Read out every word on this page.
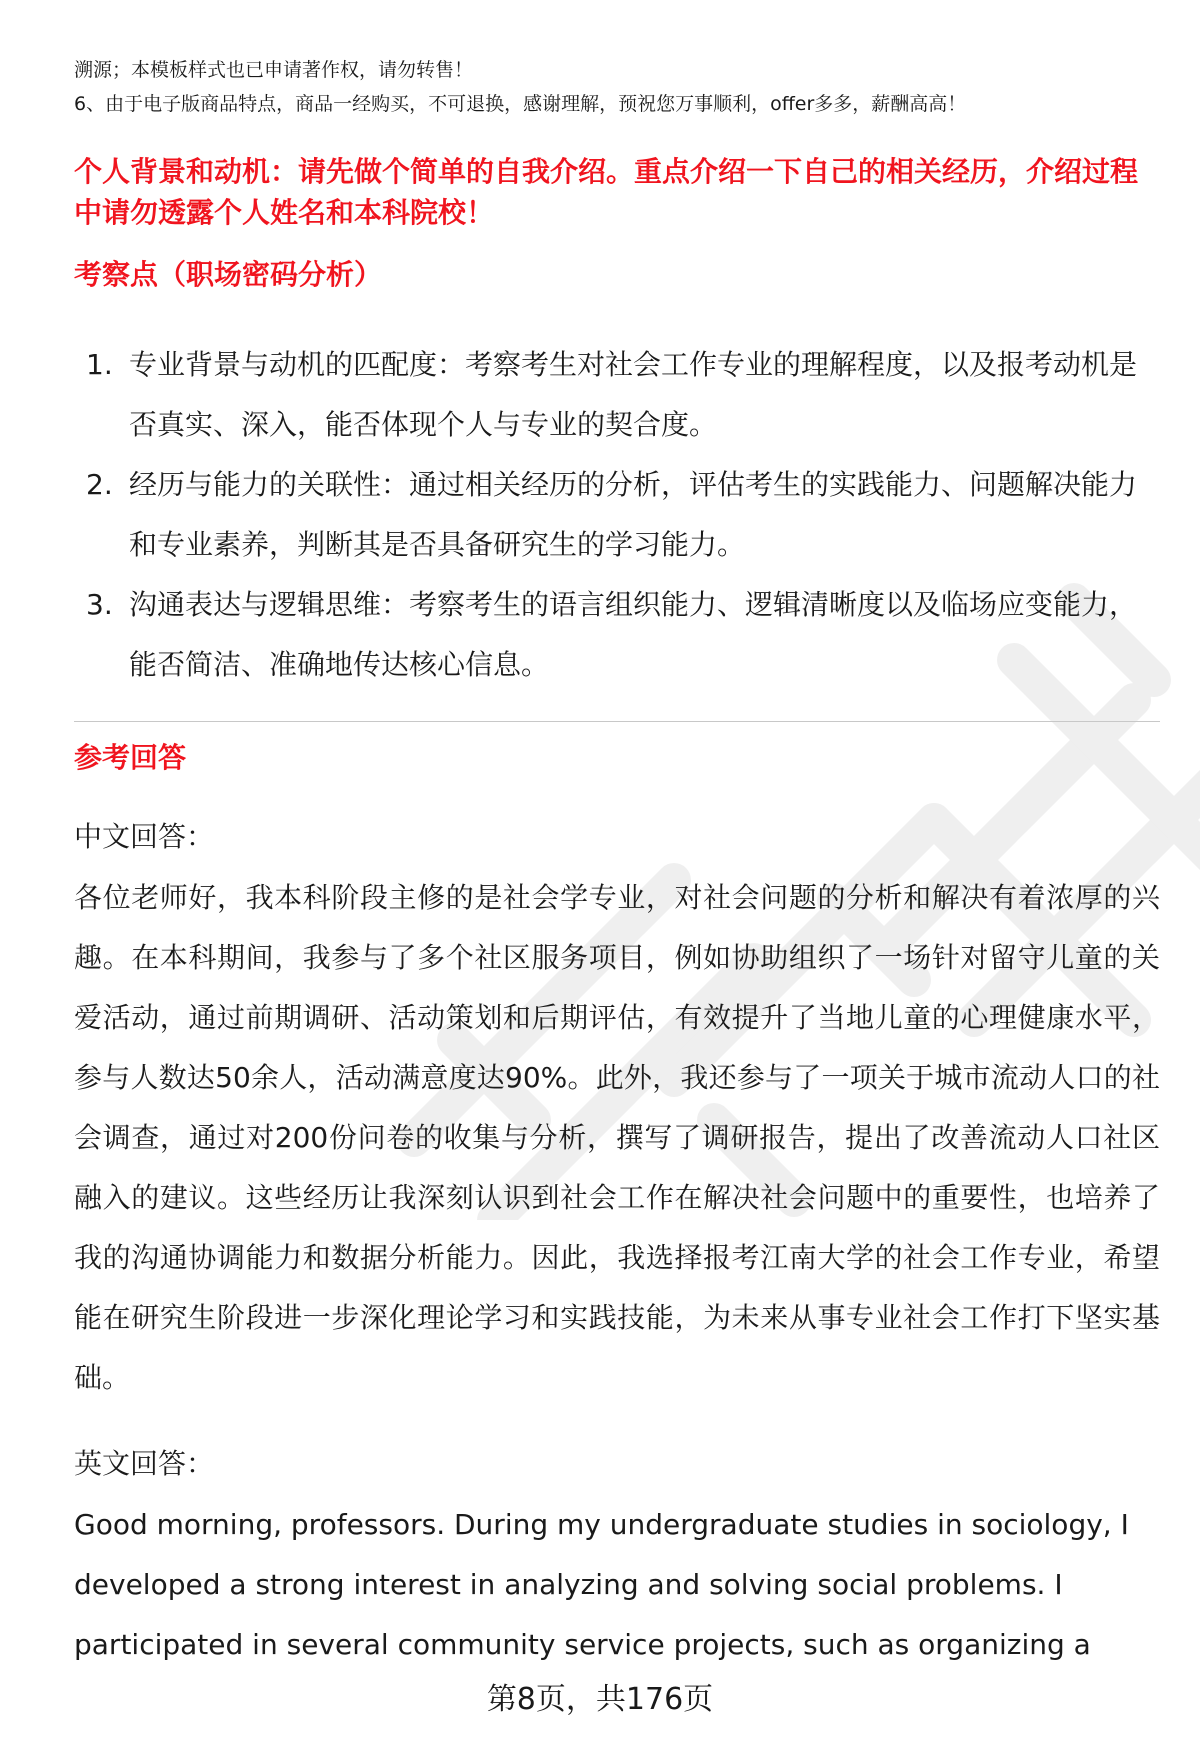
溯源；本模板样式也已申请著作权，请勿转售！
6、由于电子版商品特点，商品一经购买，不可退换，感谢理解，预祝您万事顺利，offer多多，薪酬高高！
个人背景和动机：请先做个简单的自我介绍。重点介绍一下自己的相关经历，介绍过程中请勿透露个人姓名和本科院校！
考察点（职场密码分析）
1. 专业背景与动机的匹配度：考察考生对社会工作专业的理解程度，以及报考动机是否真实、深入，能否体现个人与专业的契合度。
2. 经历与能力的关联性：通过相关经历的分析，评估考生的实践能力、问题解决能力和专业素养，判断其是否具备研究生的学习能力。
3. 沟通表达与逻辑思维：考察考生的语言组织能力、逻辑清晰度以及临场应变能力，能否简洁、准确地传达核心信息。
参考回答
中文回答：
各位老师好，我本科阶段主修的是社会学专业，对社会问题的分析和解决有着浓厚的兴趣。在本科期间，我参与了多个社区服务项目，例如协助组织了一场针对留守儿童的关爱活动，通过前期调研、活动策划和后期评估，有效提升了当地儿童的心理健康水平，参与人数达50余人，活动满意度达90%。此外，我还参与了一项关于城市流动人口的社会调查，通过对200份问卷的收集与分析，撰写了调研报告，提出了改善流动人口社区融入的建议。这些经历让我深刻认识到社会工作在解决社会问题中的重要性，也培养了我的沟通协调能力和数据分析能力。因此，我选择报考江南大学的社会工作专业，希望能在研究生阶段进一步深化理论学习和实践技能，为未来从事专业社会工作打下坚实基础。
英文回答：
Good morning, professors. During my undergraduate studies in sociology, I developed a strong interest in analyzing and solving social problems. I participated in several community service projects, such as organizing a
第8页，共176页
